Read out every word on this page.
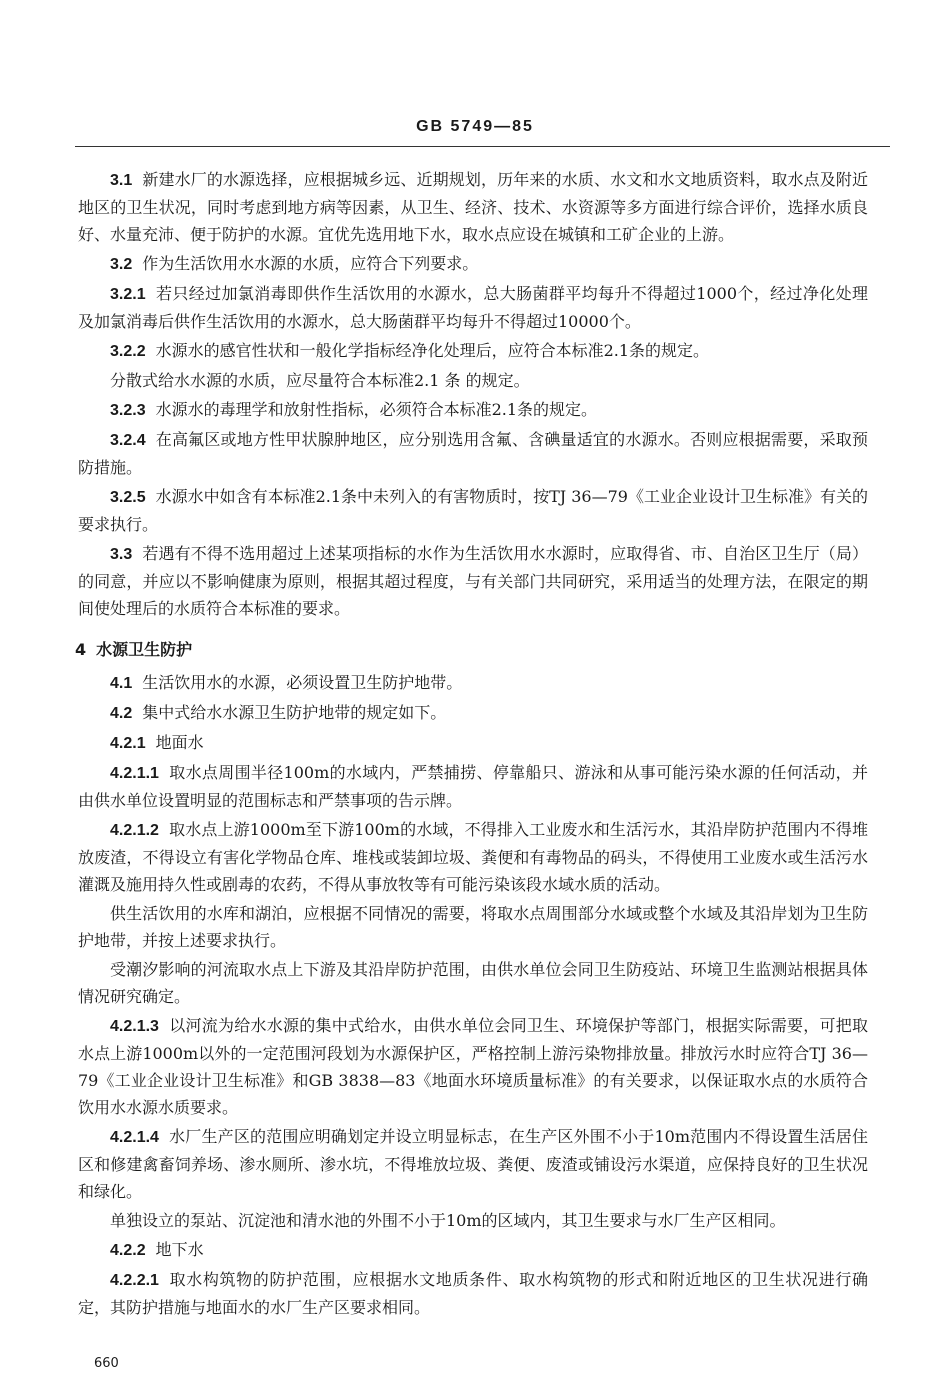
GB 5749—85

3.1 新建水厂的水源选择，应根据城乡远、近期规划，历年来的水质、水文和水文地质资料，取水点及附近地区的卫生状况，同时考虑到地方病等因素，从卫生、经济、技术、水资源等多方面进行综合评价，选择水质良好、水量充沛、便于防护的水源。宜优先选用地下水，取水点应设在城镇和工矿企业的上游。

3.2 作为生活饮用水水源的水质，应符合下列要求。

3.2.1 若只经过加氯消毒即供作生活饮用的水源水，总大肠菌群平均每升不得超过1000个，经过净化处理及加氯消毒后供作生活饮用的水源水，总大肠菌群平均每升不得超过10000个。

3.2.2 水源水的感官性状和一般化学指标经净化处理后，应符合本标准2.1条的规定。

分散式给水水源的水质，应尽量符合本标准2.1 条 的规定。

3.2.3 水源水的毒理学和放射性指标，必须符合本标准2.1条的规定。

3.2.4 在高氟区或地方性甲状腺肿地区，应分别选用含氟、含碘量适宜的水源水。否则应根据需要，采取预防措施。

3.2.5 水源水中如含有本标准2.1条中未列入的有害物质时，按TJ 36—79《工业企业设计卫生标准》有关的要求执行。

3.3 若遇有不得不选用超过上述某项指标的水作为生活饮用水水源时，应取得省、市、自治区卫生厅（局）的同意，并应以不影响健康为原则，根据其超过程度，与有关部门共同研究，采用适当的处理方法，在限定的期间使处理后的水质符合本标准的要求。

4 水源卫生防护

4.1 生活饮用水的水源，必须设置卫生防护地带。

4.2 集中式给水水源卫生防护地带的规定如下。

4.2.1 地面水

4.2.1.1 取水点周围半径100m的水域内，严禁捕捞、停靠船只、游泳和从事可能污染水源的任何活动，并由供水单位设置明显的范围标志和严禁事项的告示牌。

4.2.1.2 取水点上游1000m至下游100m的水域，不得排入工业废水和生活污水，其沿岸防护范围内不得堆放废渣，不得设立有害化学物品仓库、堆栈或装卸垃圾、粪便和有毒物品的码头，不得使用工业废水或生活污水灌溉及施用持久性或剧毒的农药，不得从事放牧等有可能污染该段水域水质的活动。

供生活饮用的水库和湖泊，应根据不同情况的需要，将取水点周围部分水域或整个水域及其沿岸划为卫生防护地带，并按上述要求执行。

受潮汐影响的河流取水点上下游及其沿岸防护范围，由供水单位会同卫生防疫站、环境卫生监测站根据具体情况研究确定。

4.2.1.3 以河流为给水水源的集中式给水，由供水单位会同卫生、环境保护等部门，根据实际需要，可把取水点上游1000m以外的一定范围河段划为水源保护区，严格控制上游污染物排放量。排放污水时应符合TJ 36—79《工业企业设计卫生标准》和GB 3838—83《地面水环境质量标准》的有关要求，以保证取水点的水质符合饮用水水源水质要求。

4.2.1.4 水厂生产区的范围应明确划定并设立明显标志，在生产区外围不小于10m范围内不得设置生活居住区和修建禽畜饲养场、渗水厕所、渗水坑，不得堆放垃圾、粪便、废渣或铺设污水渠道，应保持良好的卫生状况和绿化。

单独设立的泵站、沉淀池和清水池的外围不小于10m的区域内，其卫生要求与水厂生产区相同。

4.2.2 地下水

4.2.2.1 取水构筑物的防护范围，应根据水文地质条件、取水构筑物的形式和附近地区的卫生状况进行确定，其防护措施与地面水的水厂生产区要求相同。

660
